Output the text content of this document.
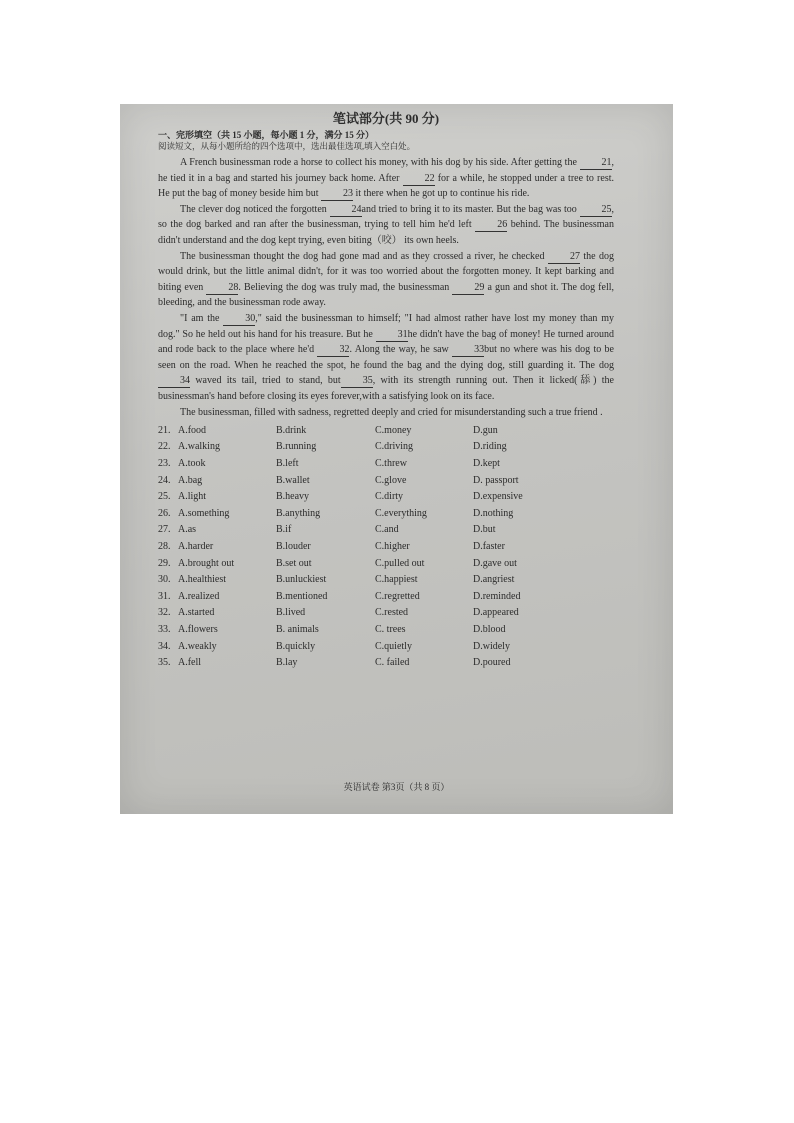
笔试部分(共 90 分)
一、完形填空（共 15 小题，每小题 1 分，满分 15 分）
阅读短文，从每小题所给的四个选项中，选出最佳选项,填入空白处。

A French businessman rode a horse to collect his money, with his dog by his side. After getting the 21, he tied it in a bag and started his journey back home. After 22 for a while, he stopped under a tree to rest. He put the bag of money beside him but 23 it there when he got up to continue his ride.

The clever dog noticed the forgotten 24and tried to bring it to its master. But the bag was too 25, so the dog barked and ran after the businessman, trying to tell him he'd left 26 behind. The businessman didn't understand and the dog kept trying, even biting（咬） its own heels.

The businessman thought the dog had gone mad and as they crossed a river, he checked 27 the dog would drink, but the little animal didn't, for it was too worried about the forgotten money. It kept barking and biting even 28. Believing the dog was truly mad, the businessman 29 a gun and shot it. The dog fell, bleeding, and the businessman rode away.

"I am the 30," said the businessman to himself; "I had almost rather have lost my money than my dog." So he held out his hand for his treasure. But he 31he didn't have the bag of money! He turned around and rode back to the place where he'd 32. Along the way, he saw 33but no where was his dog to be seen on the road. When he reached the spot, he found the bag and the dying dog, still guarding it. The dog 34 waved its tail, tried to stand, but 35, with its strength running out. Then it licked(舔) the businessman's hand before closing its eyes forever,with a satisfying look on its face.

The businessman, filled with sadness, regretted deeply and cried for misunderstanding such a true friend .

21. A.food	B.drink	C.money	D.gun
22. A.walking	B.running	C.driving	D.riding
23. A.took	B.left	C.threw	D.kept
24. A.bag	B.wallet	C.glove	D. passport
25. A.light	B.heavy	C.dirty	D.expensive
26. A.something	B.anything	C.everything	D.nothing
27. A.as	B.if	C.and	D.but
28. A.harder	B.louder	C.higher	D.faster
29. A.brought out	B.set out	C.pulled out	D.gave out
30. A.healthiest	B.unluckiest	C.happiest	D.angriest
31. A.realized	B.mentioned	C.regretted	D.reminded
32. A.started	B.lived	C.rested	D.appeared
33. A.flowers	B. animals	C. trees	D.blood
34. A.weakly	B.quickly	C.quietly	D.widely
35. A.fell	B.lay	C. failed	D.poured
英语试卷 第3页（共 8 页）
